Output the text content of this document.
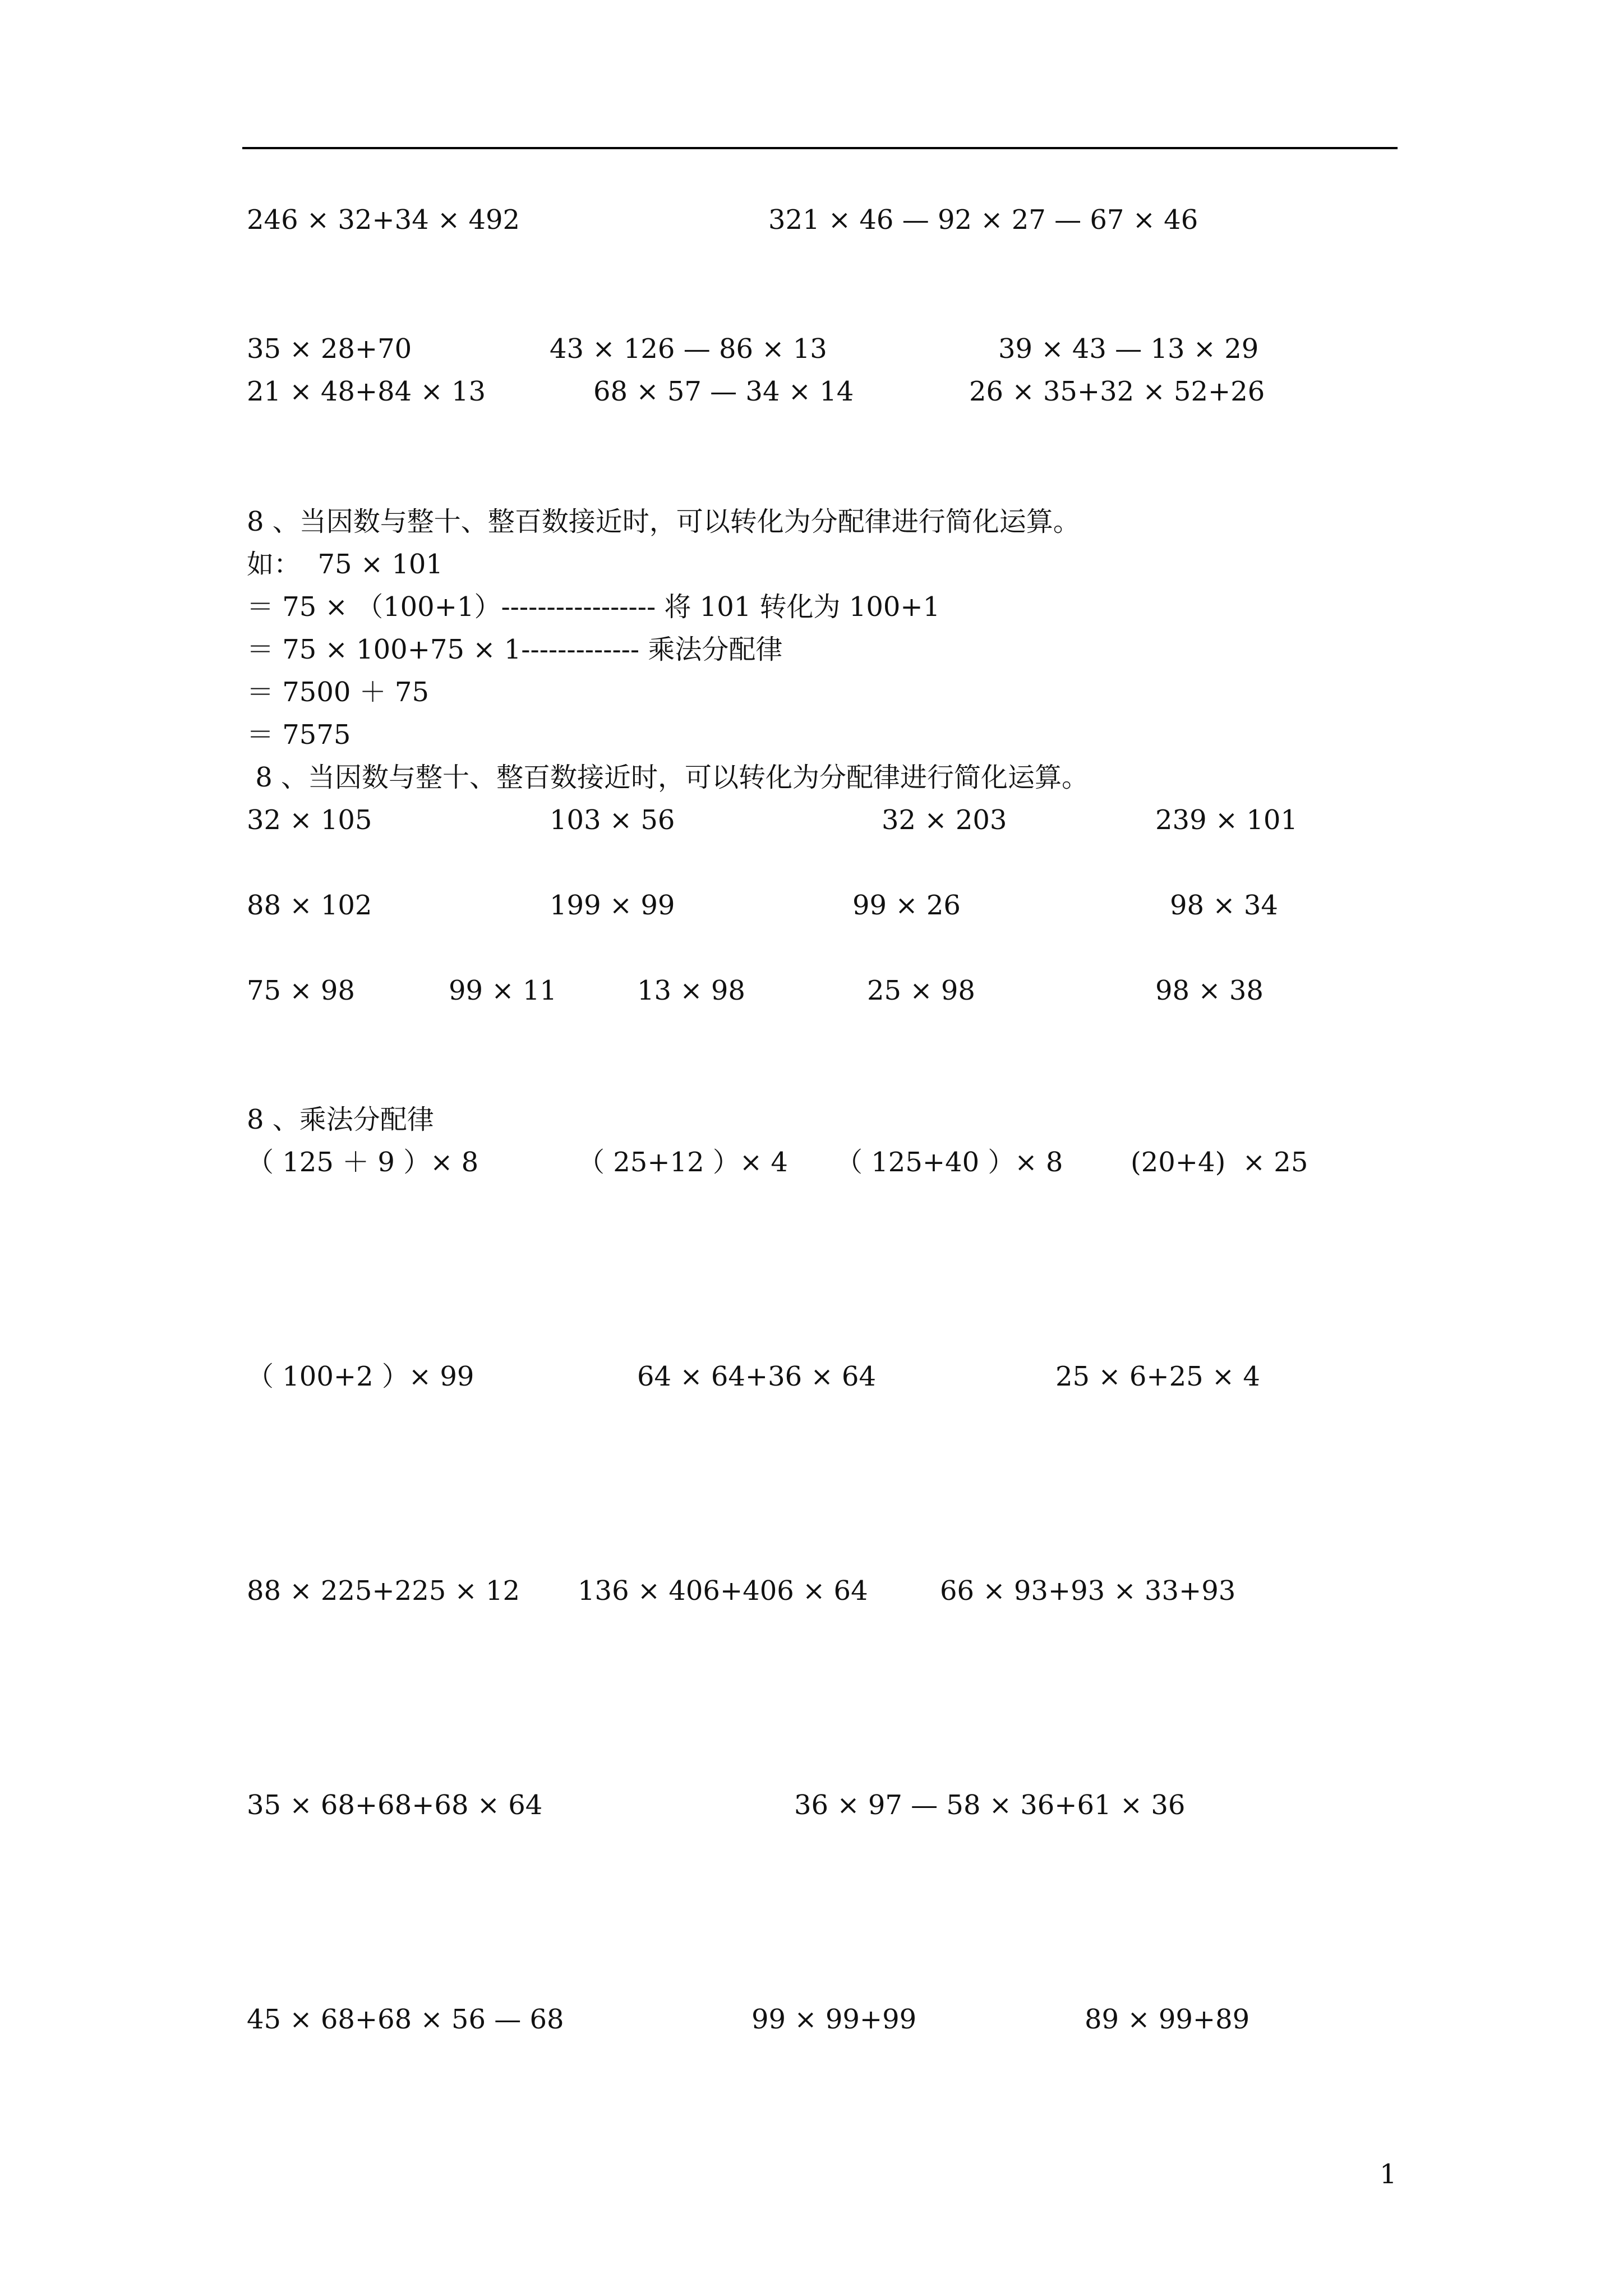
246 × 32+34 × 492	321 × 46 — 92 × 27 — 67 × 46
35 × 28+70	43 × 126 — 86 × 13	39 × 43 — 13 × 29
21 × 48+84 × 13	68 × 57 — 34 × 14	26 × 35+32 × 52+26
8 、当因数与整十、整百数接近时，可以转化为分配律进行简化运算。
如：  75 × 101
＝ 75 × （100+1）----------------- 将 101 转化为 100+1
＝ 75 × 100+75 × 1------------- 乘法分配律
＝ 7500 ＋ 75
＝ 7575
8 、当因数与整十、整百数接近时，可以转化为分配律进行简化运算。
32 × 105	103 × 56	32 × 203	239 × 101
88 × 102	199 × 99	99 × 26	98 × 34
75 × 98	99 × 11	13 × 98	25 × 98	98 × 38
8 、乘法分配律
（ 125 ＋ 9 ）× 8	（ 25+12 ）× 4 （ 125+40 ）× 8	(20+4)  × 25
（ 100+2 ）× 99	64 × 64+36 × 64	25 × 6+25 × 4
88 × 225+225 × 12 136 × 406+406 × 64	66 × 93+93 × 33+93
35 × 68+68+68 × 64	36 × 97 — 58 × 36+61 × 36
45 × 68+68 × 56 — 68	99 × 99+99	89 × 99+89
1
